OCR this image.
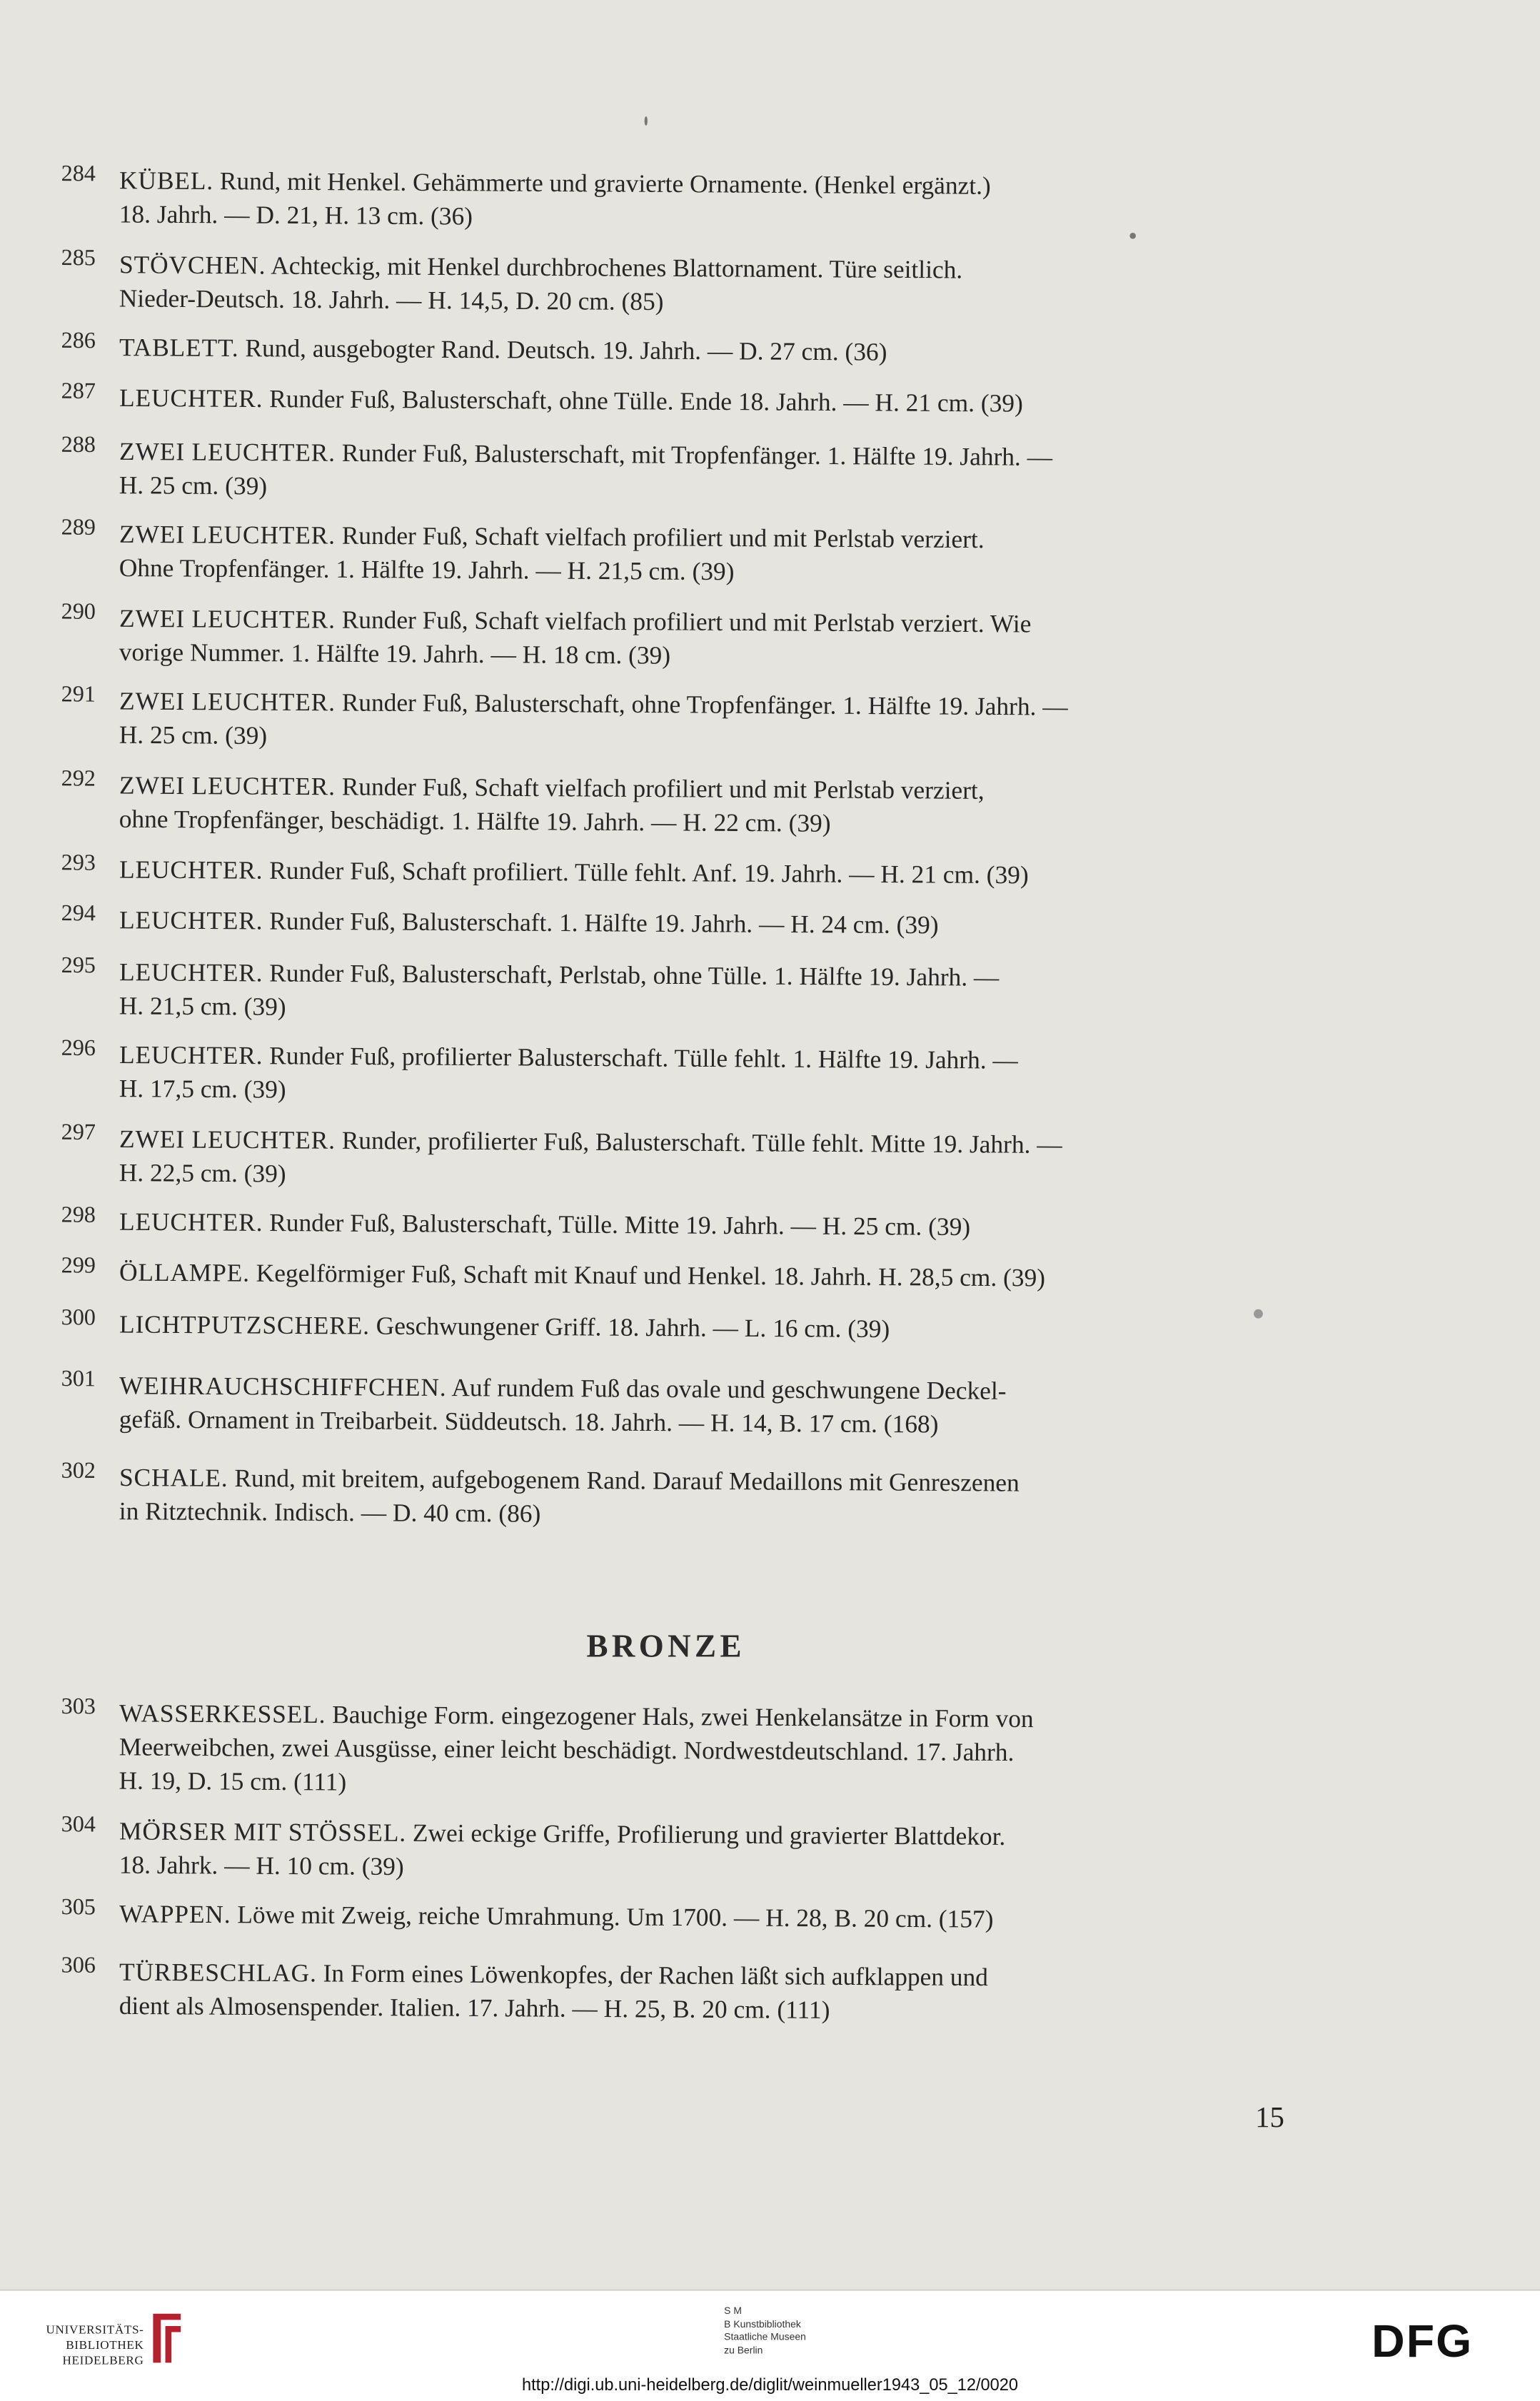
284 KÜBEL. Rund, mit Henkel. Gehämmerte und gravierte Ornamente. (Henkel ergänzt.)
18. Jahrh. — D. 21, H. 13 cm. (36)
285 STÖVCHEN. Achteckig, mit Henkel durchbrochenes Blattornament. Türe seitlich.
Nieder-Deutsch. 18. Jahrh. — H. 14,5, D. 20 cm. (85)
286 TABLETT. Rund, ausgebogter Rand. Deutsch. 19. Jahrh. — D. 27 cm. (36)
287 LEUCHTER. Runder Fuß, Balusterschaft, ohne Tülle. Ende 18. Jahrh. — H. 21 cm. (39)
288 ZWEI LEUCHTER. Runder Fuß, Balusterschaft, mit Tropfenfänger. 1. Hälfte 19. Jahrh. —
H. 25 cm. (39)
289 ZWEI LEUCHTER. Runder Fuß, Schaft vielfach profiliert und mit Perlstab verziert.
Ohne Tropfenfänger. 1. Hälfte 19. Jahrh. — H. 21,5 cm. (39)
290 ZWEI LEUCHTER. Runder Fuß, Schaft vielfach profiliert und mit Perlstab verziert. Wie
vorige Nummer. 1. Hälfte 19. Jahrh. — H. 18 cm. (39)
291 ZWEI LEUCHTER. Runder Fuß, Balusterschaft, ohne Tropfenfänger. 1. Hälfte 19. Jahrh. —
H. 25 cm. (39)
292 ZWEI LEUCHTER. Runder Fuß, Schaft vielfach profiliert und mit Perlstab verziert,
ohne Tropfenfänger, beschädigt. 1. Hälfte 19. Jahrh. — H. 22 cm. (39)
293 LEUCHTER. Runder Fuß, Schaft profiliert. Tülle fehlt. Anf. 19. Jahrh. — H. 21 cm. (39)
294 LEUCHTER. Runder Fuß, Balusterschaft. 1. Hälfte 19. Jahrh. — H. 24 cm. (39)
295 LEUCHTER. Runder Fuß, Balusterschaft, Perlstab, ohne Tülle. 1. Hälfte 19. Jahrh. —
H. 21,5 cm. (39)
296 LEUCHTER. Runder Fuß, profilierter Balusterschaft. Tülle fehlt. 1. Hälfte 19. Jahrh. —
H. 17,5 cm. (39)
297 ZWEI LEUCHTER. Runder, profilierter Fuß, Balusterschaft. Tülle fehlt. Mitte 19. Jahrh. —
H. 22,5 cm. (39)
298 LEUCHTER. Runder Fuß, Balusterschaft, Tülle. Mitte 19. Jahrh. — H. 25 cm. (39)
299 ÖLLAMPE. Kegelförmiger Fuß, Schaft mit Knauf und Henkel. 18. Jahrh. H. 28,5 cm. (39)
300 LICHTPUTZSCHERE. Geschwungener Griff. 18. Jahrh. — L. 16 cm. (39)
301 WEIHRAUCHSCHIFFCHEN. Auf rundem Fuß das ovale und geschwungene Deckel-
gefäß. Ornament in Treibarbeit. Süddeutsch. 18. Jahrh. — H. 14, B. 17 cm. (168)
302 SCHALE. Rund, mit breitem, aufgebogenem Rand. Darauf Medaillons mit Genreszenen
in Ritztechnik. Indisch. — D. 40 cm. (86)
BRONZE
303 WASSERKESSEL. Bauchige Form. eingezogener Hals, zwei Henkelansätze in Form von
Meerweibchen, zwei Ausgüsse, einer leicht beschädigt. Nordwestdeutschland. 17. Jahrh.
H. 19, D. 15 cm. (111)
304 MÖRSER MIT STÖSSEL. Zwei eckige Griffe, Profilierung und gravierter Blattdekor.
18. Jahrk. — H. 10 cm. (39)
305 WAPPEN. Löwe mit Zweig, reiche Umrahmung. Um 1700. — H. 28, B. 20 cm. (157)
306 TÜRBESCHLAG. In Form eines Löwenkopfes, der Rachen läßt sich aufklappen und
dient als Almosenspender. Italien. 17. Jahrh. — H. 25, B. 20 cm. (111)
15
UNIVERSITÄTS-
BIBLIOTHEK
HEIDELBERG
S M
B Kunstbibliothek
Staatliche Museen
zu Berlin
http://digi.ub.uni-heidelberg.de/diglit/weinmueller1943_05_12/0020
DFG
